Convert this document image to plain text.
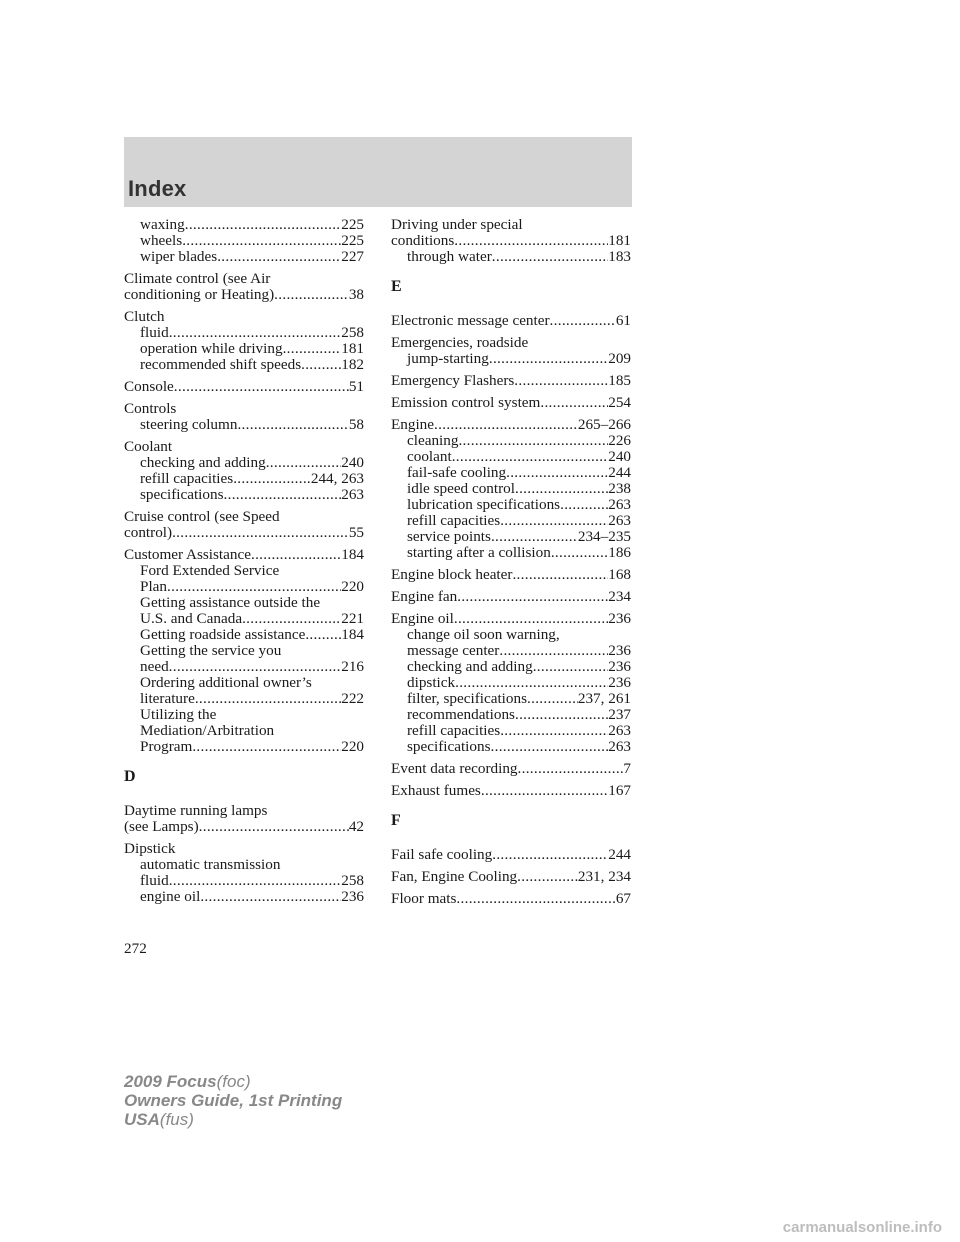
Index
waxing .....	225
wheels .....	225
wiper blades .....	227
Climate control (see Air
conditioning or Heating) .....	38
Clutch
fluid .....	258
operation while driving .....	181
recommended shift speeds .....	182
Console .....	51
Controls
steering column .....	58
Coolant
checking and adding .....	240
refill capacities .....	244, 263
specifications .....	263
Cruise control (see Speed
control) .....	55
Customer Assistance .....	184
Ford Extended Service
Plan .....	220
Getting assistance outside the
U.S. and Canada .....	221
Getting roadside assistance ..... 184
Getting the service you
need .....	216
Ordering additional owner’s
literature .....	222
Utilizing the
Mediation/Arbitration
Program .....	220
D
Daytime running lamps
(see Lamps) .....	42
Dipstick
automatic transmission
fluid .....	258
engine oil .....	236
Driving under special
conditions .....	181
through water .....	183
E
Electronic message center .....	61
Emergencies, roadside
jump-starting .....	209
Emergency Flashers .....	185
Emission control system .....	254
Engine .....	265–266
cleaning .....	226
coolant .....	240
fail-safe cooling .....	244
idle speed control .....	238
lubrication specifications .....	263
refill capacities .....	263
service points .....	234–235
starting after a collision .....	186
Engine block heater .....	168
Engine fan .....	234
Engine oil .....	236
change oil soon warning,
message center .....	236
checking and adding .....	236
dipstick .....	236
filter, specifications .....	237, 261
recommendations .....	237
refill capacities .....	263
specifications .....	263
Event data recording .....	7
Exhaust fumes .....	167
F
Fail safe cooling .....	244
Fan, Engine Cooling .....	231, 234
Floor mats .....	67
272
2009 Focus(foc)
Owners Guide, 1st Printing
USA(fus)
carmanualsonline.info
